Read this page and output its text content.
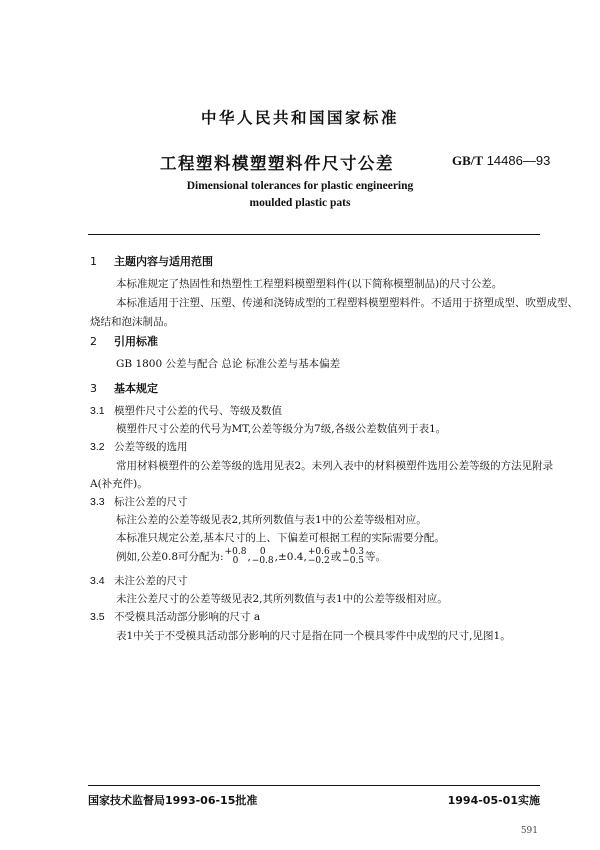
中华人民共和国国家标准
工程塑料模塑塑料件尺寸公差	GB/T 14486—93
Dimensional tolerances for plastic engineering
moulded plastic pats
1 主题内容与适用范围
本标准规定了热固性和热塑性工程塑料模塑塑料件(以下简称模塑制品)的尺寸公差。
本标准适用于注塑、压塑、传递和浇铸成型的工程塑料模塑塑料件。不适用于挤塑成型、吹塑成型、
烧结和泡沫制品。
2 引用标准
GB 1800 公差与配合 总论 标准公差与基本偏差
3 基本规定
3.1 模塑件尺寸公差的代号、等级及数值
模塑件尺寸公差的代号为MT,公差等级分为7级,各级公差数值列于表1。
3.2 公差等级的选用
常用材料模塑件的公差等级的选用见表2。未列入表中的材料模塑件选用公差等级的方法见附录
A(补充件)。
3.3 标注公差的尺寸
标注公差的公差等级见表2,其所列数值与表1中的公差等级相对应。
本标准只规定公差,基本尺寸的上、下偏差可根据工程的实际需要分配。
例如,公差0.8可分配为: +0.8
0 ,	0
−0.8 ,±0.4, +0.6
−0.2 或 +0.3
−0.5 等。
3.4 未注公差的尺寸
未注公差尺寸的公差等级见表2,其所列数值与表1中的公差等级相对应。
3.5 不受模具活动部分影响的尺寸 a
表1中关于不受模具活动部分影响的尺寸是指在同一个模具零件中成型的尺寸,见图1。
国家技术监督局1993-06-15批准	1994-05-01实施
591
